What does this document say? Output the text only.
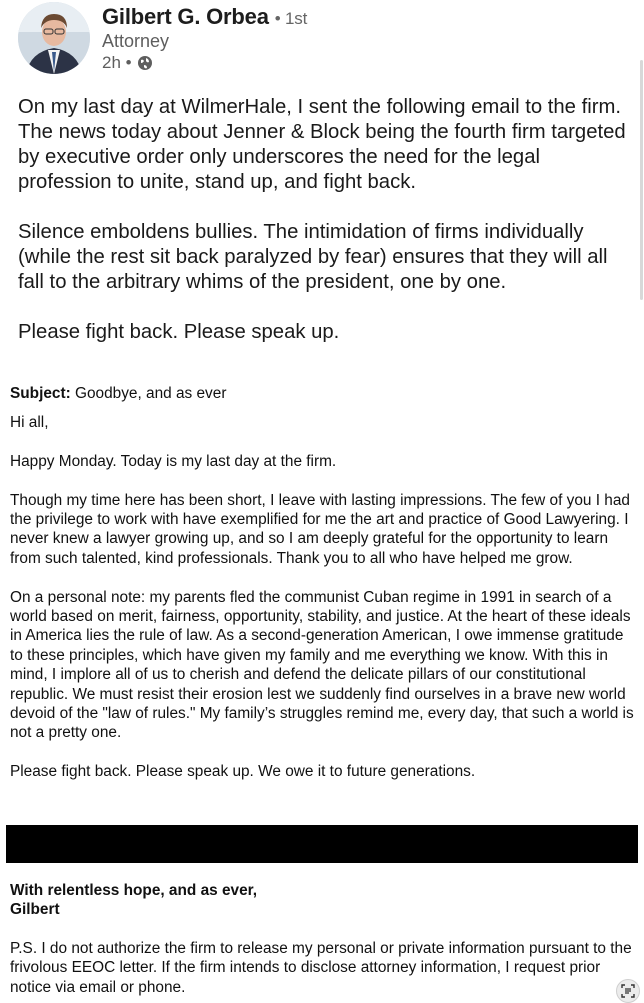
Gilbert G. Orbea • 1st
Attorney
2h •

On my last day at WilmerHale, I sent the following email to the firm. The news today about Jenner & Block being the fourth firm targeted by executive order only underscores the need for the legal profession to unite, stand up, and fight back.

Silence emboldens bullies. The intimidation of firms individually (while the rest sit back paralyzed by fear) ensures that they will all fall to the arbitrary whims of the president, one by one.

Please fight back. Please speak up.

Subject: Goodbye, and as ever

Hi all,

Happy Monday. Today is my last day at the firm.

Though my time here has been short, I leave with lasting impressions. The few of you I had the privilege to work with have exemplified for me the art and practice of Good Lawyering. I never knew a lawyer growing up, and so I am deeply grateful for the opportunity to learn from such talented, kind professionals. Thank you to all who have helped me grow.

On a personal note: my parents fled the communist Cuban regime in 1991 in search of a world based on merit, fairness, opportunity, stability, and justice. At the heart of these ideals in America lies the rule of law. As a second-generation American, I owe immense gratitude to these principles, which have given my family and me everything we know. With this in mind, I implore all of us to cherish and defend the delicate pillars of our constitutional republic. We must resist their erosion lest we suddenly find ourselves in a brave new world devoid of the "law of rules." My family’s struggles remind me, every day, that such a world is not a pretty one.

Please fight back. Please speak up. We owe it to future generations.

With relentless hope, and as ever,
Gilbert
P.S. I do not authorize the firm to release my personal or private information pursuant to the frivolous EEOC letter. If the firm intends to disclose attorney information, I request prior notice via email or phone.
